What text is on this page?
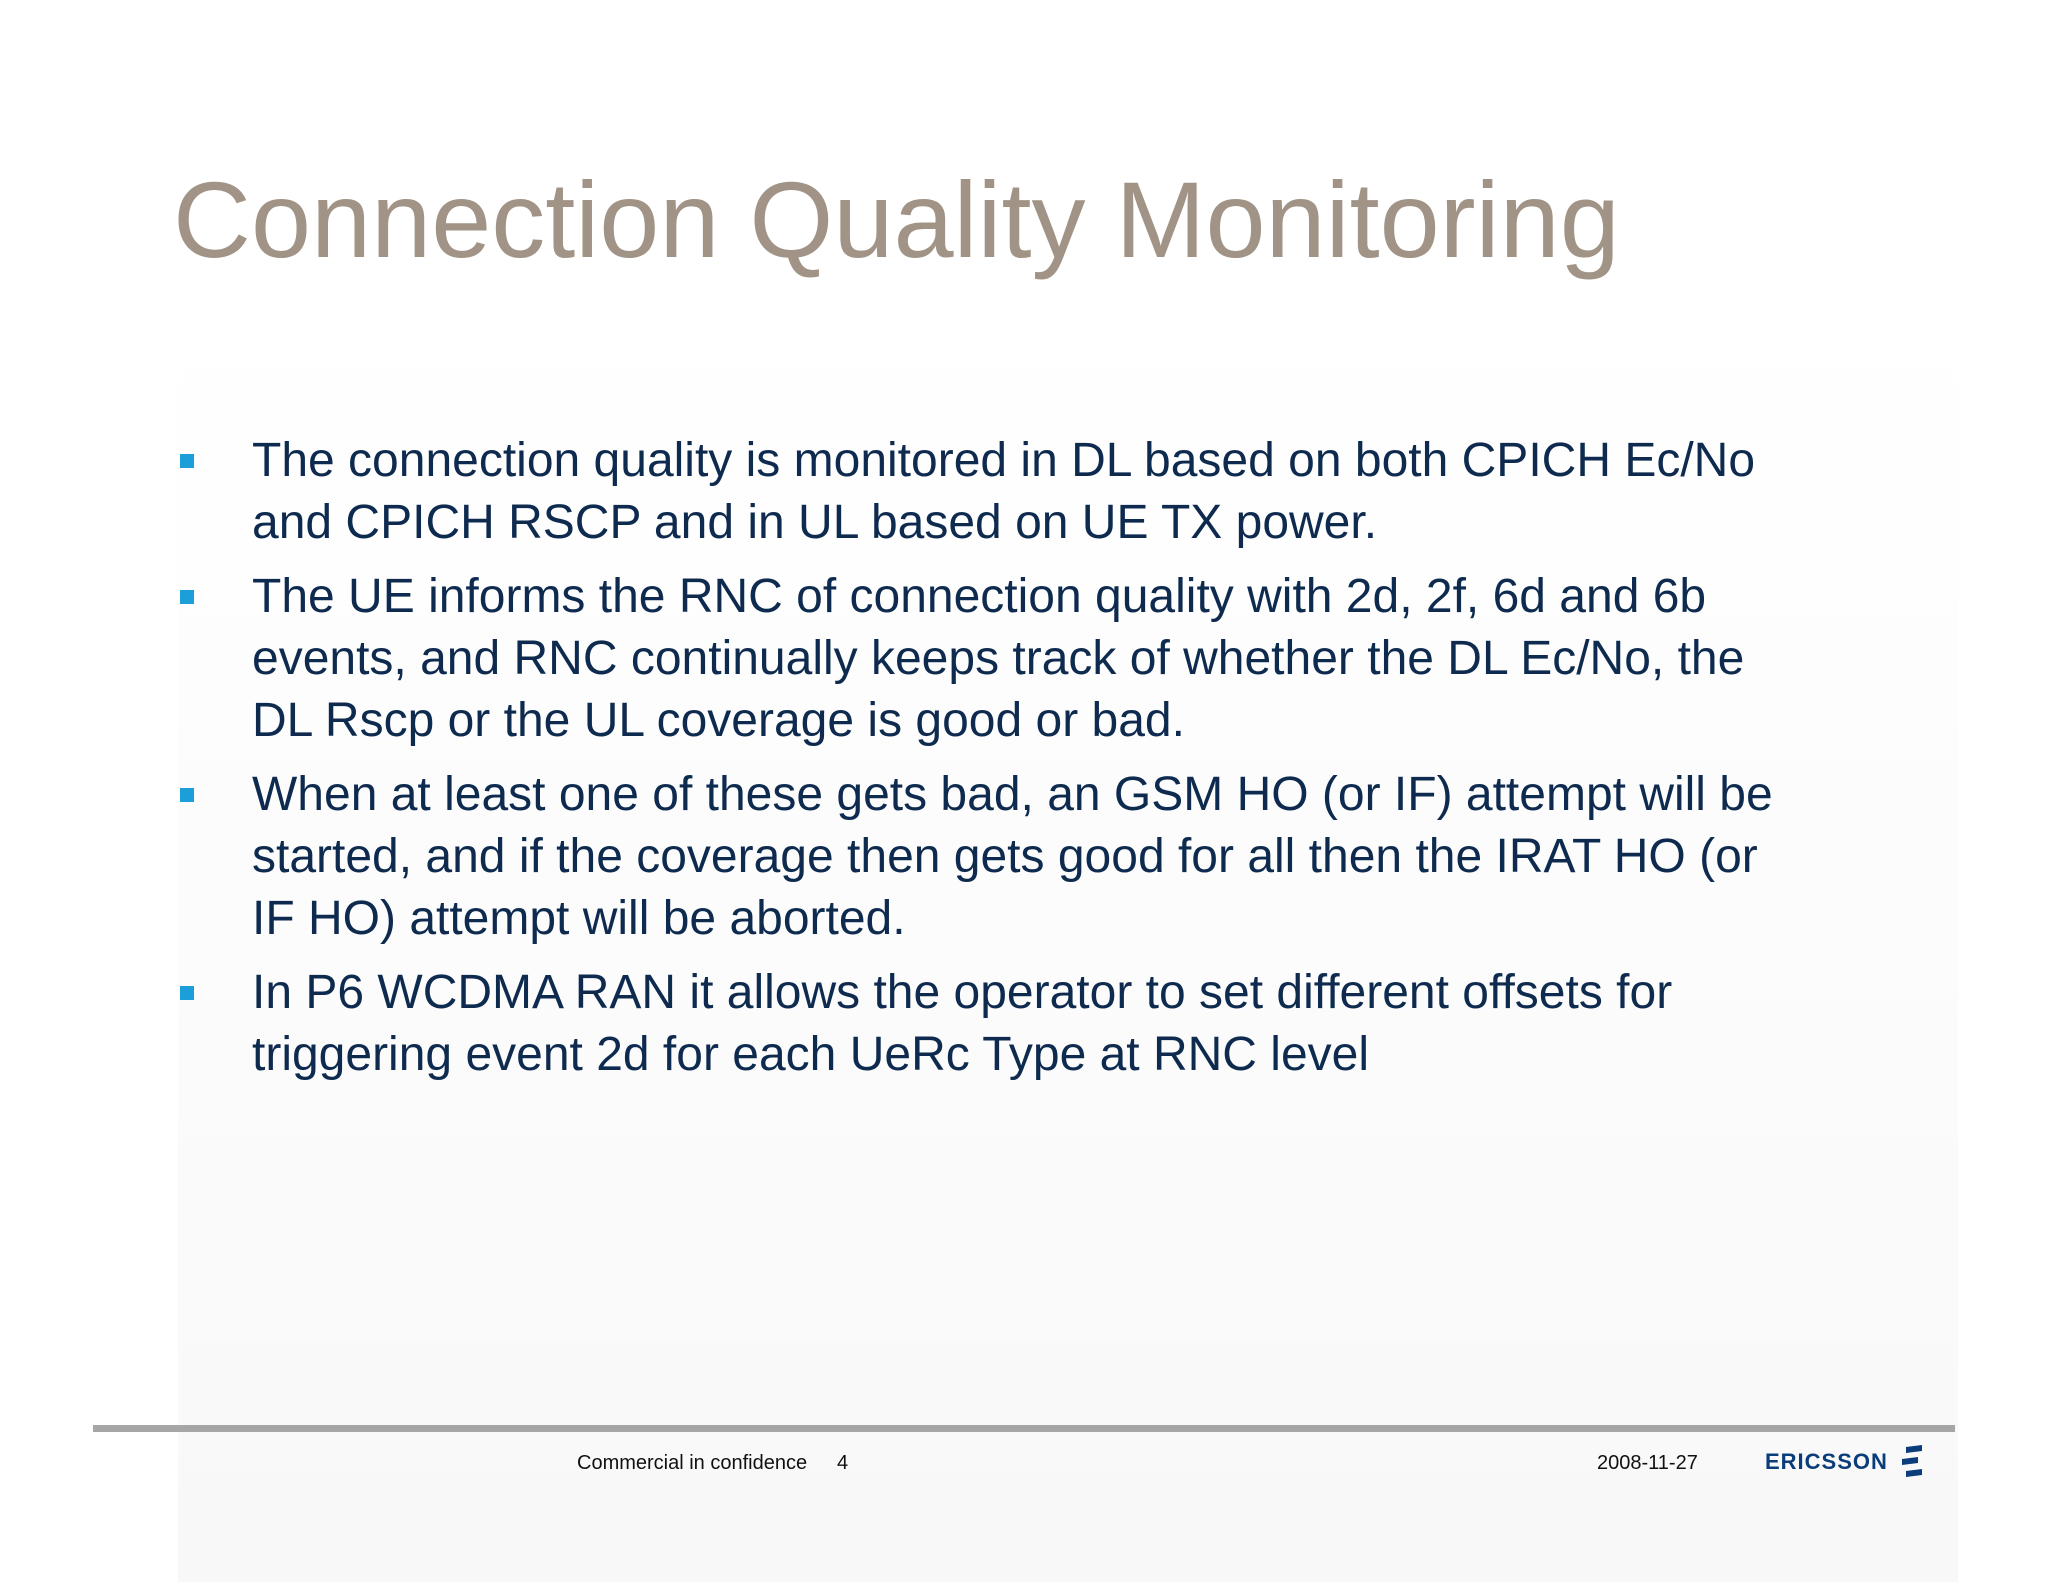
Connection Quality Monitoring
The connection quality is monitored in DL based on both CPICH Ec/No and CPICH RSCP and in UL based on UE TX power.
The UE informs the RNC of connection quality with 2d, 2f, 6d and 6b events, and RNC continually keeps track of whether the DL Ec/No, the DL Rscp or the UL coverage is good or bad.
When at least one of these gets bad, an GSM HO (or IF) attempt will be started, and if the coverage then gets good for all then the IRAT HO (or IF HO) attempt will be aborted.
In P6 WCDMA RAN it allows the operator to set different offsets for triggering event 2d for each UeRc Type at RNC level
Commercial in confidence 4	2008-11-27	ERICSSON
